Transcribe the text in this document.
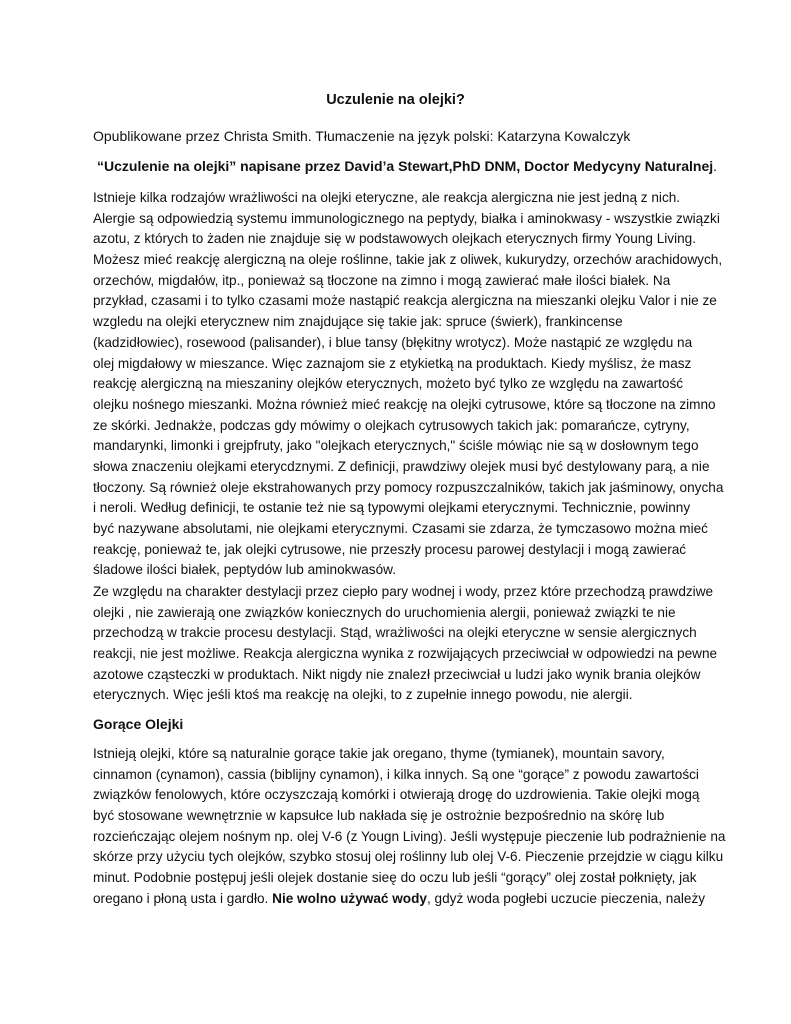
Uczulenie na olejki?
Opublikowane przez Christa Smith. Tłumaczenie na język polski: Katarzyna Kowalczyk
“Uczulenie na olejki” napisane przez David’a Stewart,PhD DNM, Doctor Medycyny Naturalnej.
Istnieje kilka rodzajów wrażliwości na olejki eteryczne, ale reakcja alergiczna nie jest jedną z nich.
Alergie są odpowiedzią systemu immunologicznego na peptydy, białka i aminokwasy - wszystkie związki
azotu, z których to żaden nie znajduje się w podstawowych olejkach eterycznych firmy Young Living.
Możesz mieć reakcję alergiczną na oleje roślinne, takie jak z oliwek, kukurydzy, orzechów arachidowych,
orzechów, migdałów, itp., ponieważ są tłoczone na zimno i mogą zawierać małe ilości białek. Na
przykład, czasami i to tylko czasami może nastąpić reakcja alergiczna na mieszanki olejku Valor i nie ze
wzgledu na olejki eterycznew nim znajdujące się takie jak: spruce (świerk), frankincense
(kadzidłowiec), rosewood (palisander), i blue tansy (błękitny wrotycz). Może nastąpić ze względu na
olej migdałowy w mieszance. Więc zaznajom sie z etykietką na produktach. Kiedy myślisz, że masz
reakcję alergiczną na mieszaniny olejków eterycznych, możeto być tylko ze względu na zawartość
olejku nośnego mieszanki. Można również mieć reakcję na olejki cytrusowe, które są tłoczone na zimno
ze skórki. Jednakże, podczas gdy mówimy o olejkach cytrusowych takich jak: pomarańcze, cytryny,
mandarynki, limonki i grejpfruty, jako "olejkach eterycznych," ściśle mówiąc nie są w dosłownym tego
słowa znaczeniu olejkami eterycdznymi. Z definicji, prawdziwy olejek musi być destylowany parą, a nie
tłoczony. Są również oleje ekstrahowanych przy pomocy rozpuszczalników, takich jak jaśminowy, onycha
i neroli. Według definicji, te ostanie też nie są typowymi olejkami eterycznymi. Technicznie, powinny
być nazywane absolutami, nie olejkami eterycznymi. Czasami sie zdarza, że tymczasowo można mieć
reakcję, ponieważ te, jak olejki cytrusowe, nie przeszły procesu parowej destylacji i mogą zawierać
śladowe ilości białek, peptydów lub aminokwasów.
Ze względu na charakter destylacji przez ciepło pary wodnej i wody, przez które przechodzą prawdziwe
olejki , nie zawierają one związków koniecznych do uruchomienia alergii, ponieważ związki te nie
przechodzą w trakcie procesu destylacji. Stąd, wrażliwości na olejki eteryczne w sensie alergicznych
reakcji, nie jest możliwe. Reakcja alergiczna wynika z rozwijających przeciwciał w odpowiedzi na pewne
azotowe cząsteczki w produktach. Nikt nigdy nie znalezł przeciwciał u ludzi jako wynik brania olejków
eterycznych. Więc jeśli ktoś ma reakcję na olejki, to z zupełnie innego powodu, nie alergii.
Gorące Olejki
Istnieją olejki, które są naturalnie gorące takie jak oregano, thyme (tymianek), mountain savory,
cinnamon (cynamon), cassia (biblijny cynamon), i kilka innych. Są one “gorące” z powodu zawartości
związków fenolowych, które oczyszczają komórki i otwierają drogę do uzdrowienia. Takie olejki mogą
być stosowane wewnętrznie w kapsułce lub nakłada się je ostrożnie bezpośrednio na skórę lub
rozcieńczając olejem nośnym np. olej V-6 (z Yougn Living). Jeśli występuje pieczenie lub podrażnienie na
skórze przy użyciu tych olejków, szybko stosuj olej roślinny lub olej V-6. Pieczenie przejdzie w ciągu kilku
minut. Podobnie postępuj jeśli olejek dostanie sieę do oczu lub jeśli “gorący” olej został połknięty, jak
oregano i płoną usta i gardło. Nie wolno używać wody, gdyż woda pogłebi uczucie pieczenia, należy
